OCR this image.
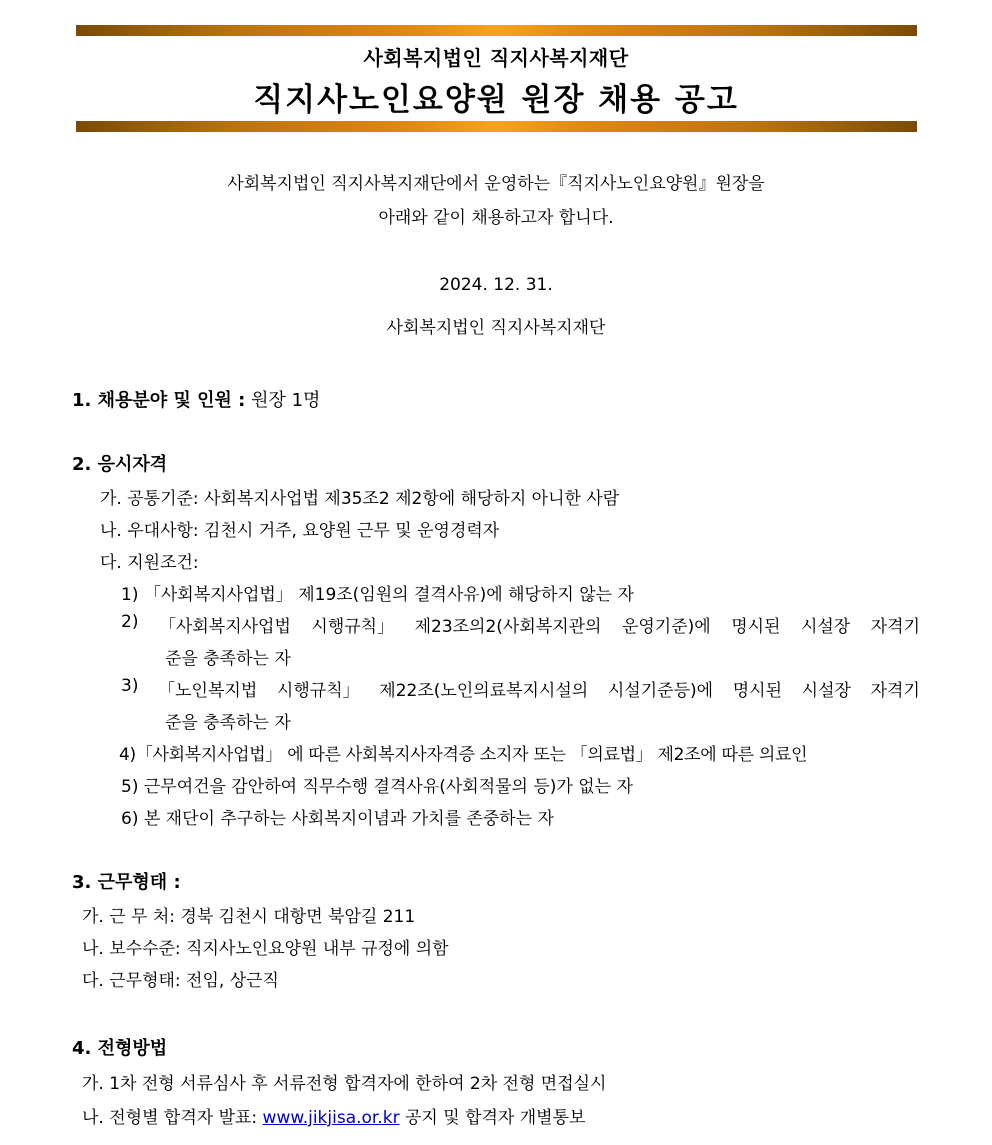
사회복지법인 직지사복지재단
직지사노인요양원 원장 채용 공고
사회복지법인 직지사복지재단에서 운영하는『직지사노인요양원』원장을
아래와 같이 채용하고자 합니다.
2024. 12. 31.
사회복지법인 직지사복지재단
1. 채용분야 및 인원 : 원장 1명
2. 응시자격
가. 공통기준: 사회복지사업법 제35조2 제2항에 해당하지 아니한 사람
나. 우대사항: 김천시 거주, 요양원 근무 및 운영경력자
다. 지원조건:
1) 「사회복지사업법」 제19조(임원의 결격사유)에 해당하지 않는 자
2) 「사회복지사업법 시행규칙」 제23조의2(사회복지관의 운영기준)에 명시된 시설장 자격기
준을 충족하는 자
3) 「노인복지법 시행규칙」 제22조(노인의료복지시설의 시설기준등)에 명시된 시설장 자격기
준을 충족하는 자
4)「사회복지사업법」 에 따른 사회복지사자격증 소지자 또는 「의료법」 제2조에 따른 의료인
5) 근무여건을 감안하여 직무수행 결격사유(사회적물의 등)가 없는 자
6) 본 재단이 추구하는 사회복지이념과 가치를 존중하는 자
3. 근무형태 :
가. 근 무 처: 경북 김천시 대항면 북암길 211
나. 보수수준: 직지사노인요양원 내부 규정에 의함
다. 근무형태: 전임, 상근직
4. 전형방법
가. 1차 전형 서류심사 후 서류전형 합격자에 한하여 2차 전형 면접실시
나. 전형별 합격자 발표: www.jikjisa.or.kr 공지 및 합격자 개별통보
